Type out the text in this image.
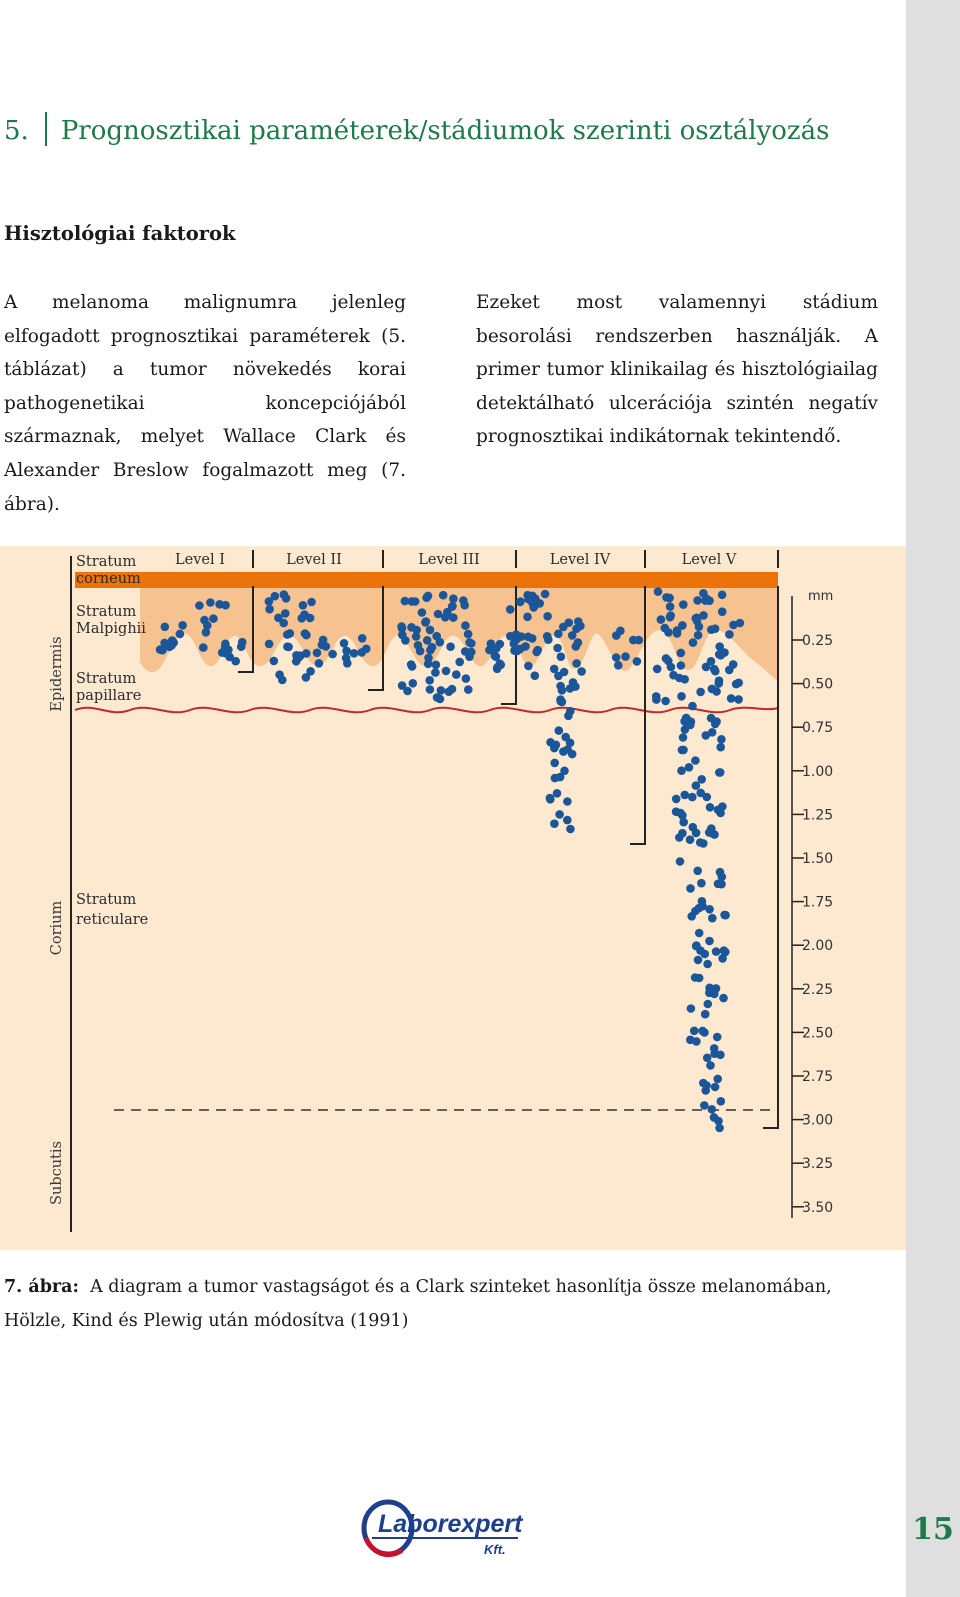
15
5. Prognosztikai paraméterek/stádiumok szerinti osztályozás
Hisztológiai faktorok

A melanoma malignumra jelenleg elfogadott prognosztikai paraméterek (5. táblázat) a tumor növekedés korai pathogenetikai koncepciójából származnak, melyet Wallace Clark és Alexander Breslow fogalmazott meg (7. ábra).

Ezeket most valamennyi stádium besorolási rendszerben használják. A primer tumor klinikailag és hisztológiailag detektálható ulcerációja szintén negatív prognosztikai indikátornak tekintendő.

Epidermis
Corium
Subcutis
Stratum
corneum
Stratum
Malpighii
Stratum
papillare
Stratum
reticulare
Level I	Level II	Level III	Level IV	Level V
mm
0.25
0.50
0.75
1.00
1.25
1.50
1.75
2.00
2.25
2.50
2.75
3.00
3.25
3.50
7. ábra: A diagram a tumor vastagságot és a Clark szinteket hasonlítja össze melanomában, Hölzle, Kind és Plewig után módosítva (1991)
Laborexpert
Kft.
